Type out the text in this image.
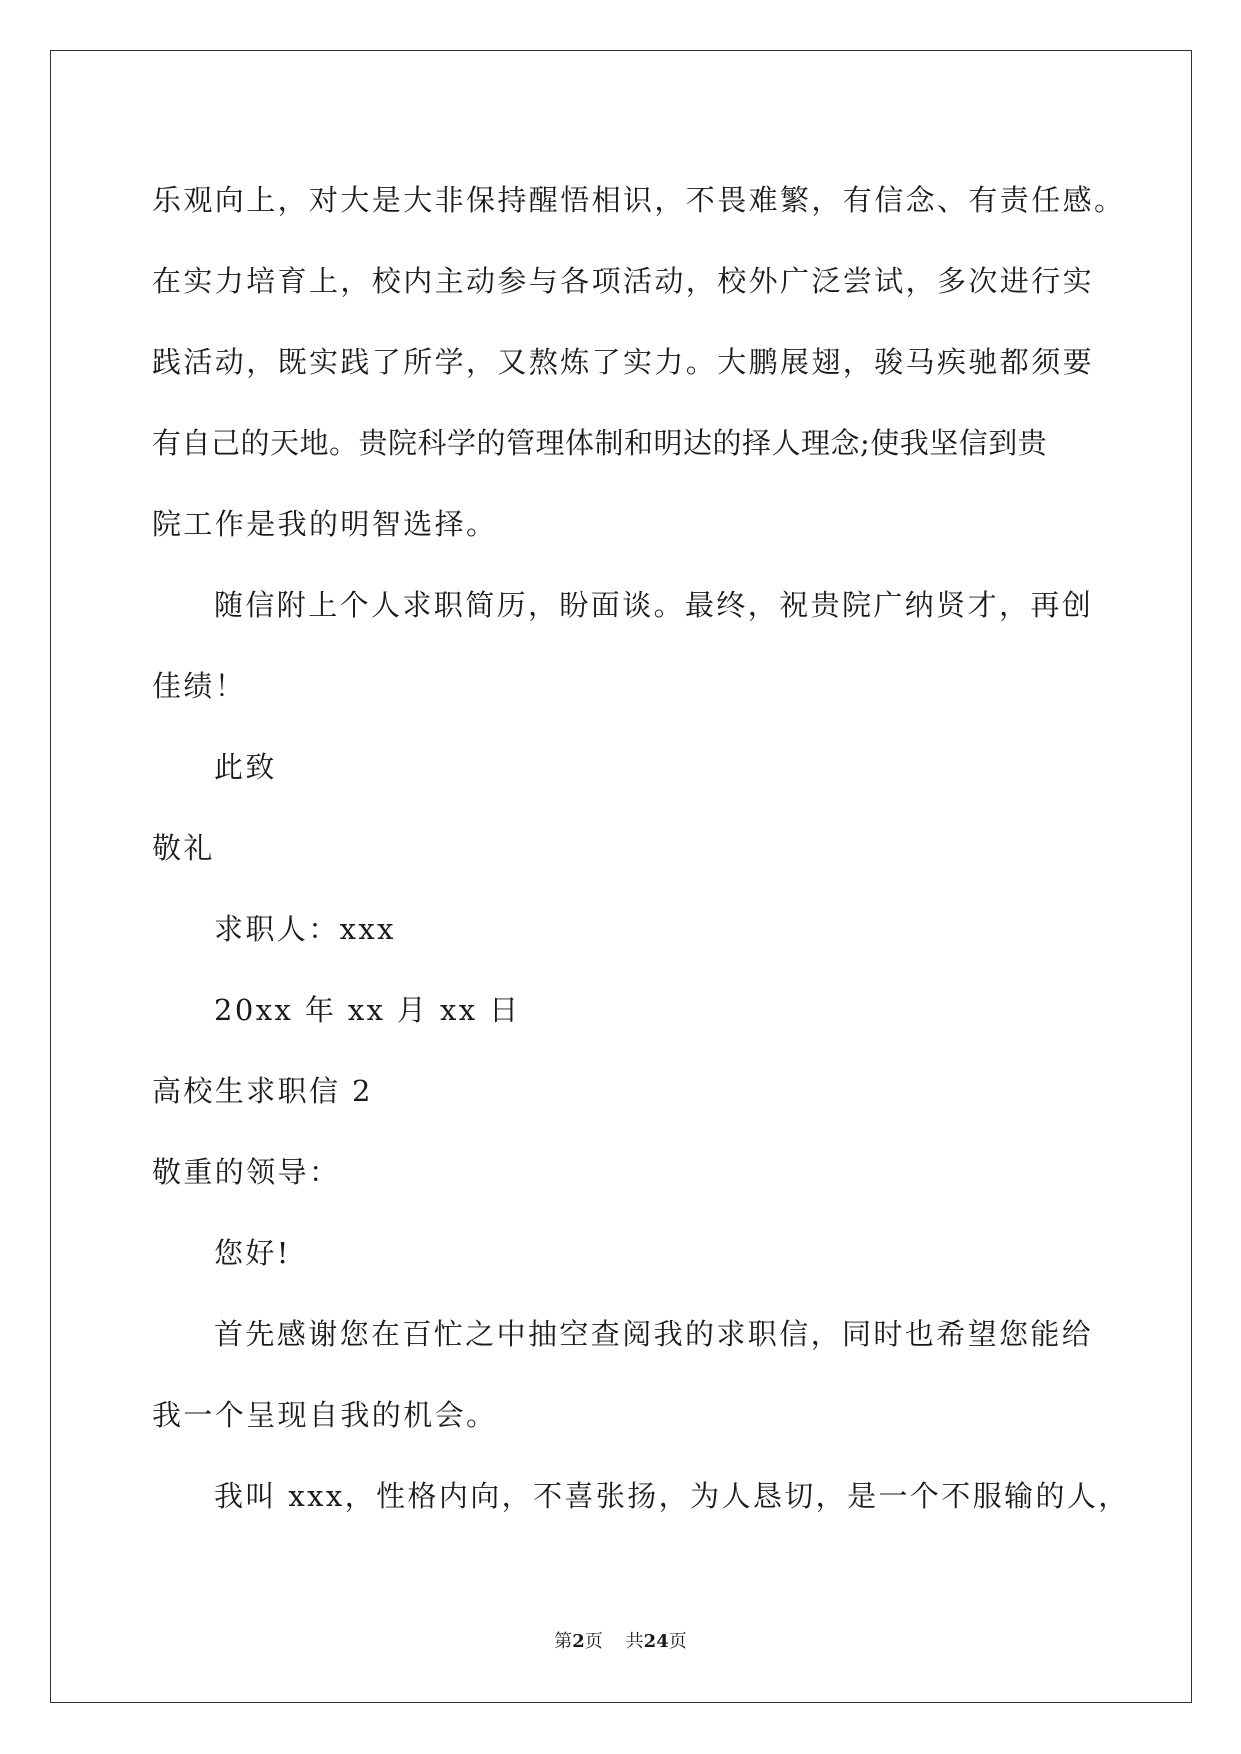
乐观向上，对大是大非保持醒悟相识，不畏难繁，有信念、有责任感。
在实力培育上，校内主动参与各项活动，校外广泛尝试，多次进行实
践活动，既实践了所学，又熬炼了实力。大鹏展翅，骏马疾驰都须要
有自己的天地。贵院科学的管理体制和明达的择人理念;使我坚信到贵
院工作是我的明智选择。
随信附上个人求职简历，盼面谈。最终，祝贵院广纳贤才，再创
佳绩！
此致
敬礼
求职人：xxx
20xx 年 xx 月 xx 日
高校生求职信 2
敬重的领导：
您好!
首先感谢您在百忙之中抽空查阅我的求职信，同时也希望您能给
我一个呈现自我的机会。
我叫 xxx，性格内向，不喜张扬，为人恳切，是一个不服输的人，
第2页 共24页
